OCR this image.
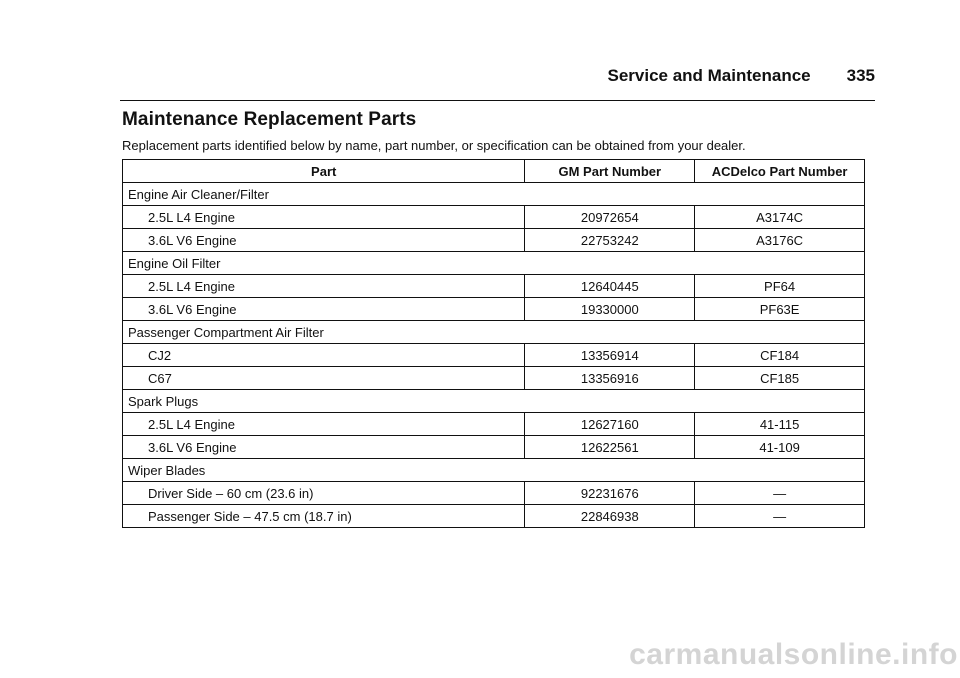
Service and Maintenance 335
Maintenance Replacement Parts

Replacement parts identified below by name, part number, or specification can be obtained from your dealer.

Part	GM Part Number	ACDelco Part Number
Engine Air Cleaner/Filter		
2.5L L4 Engine	20972654	A3174C
3.6L V6 Engine	22753242	A3176C
Engine Oil Filter		
2.5L L4 Engine	12640445	PF64
3.6L V6 Engine	19330000	PF63E
Passenger Compartment Air Filter		
CJ2	13356914	CF184
C67	13356916	CF185
Spark Plugs		
2.5L L4 Engine	12627160	41-115
3.6L V6 Engine	12622561	41-109
Wiper Blades		
Driver Side – 60 cm (23.6 in)	92231676	—
Passenger Side – 47.5 cm (18.7 in)	22846938	—
carmanualsonline.info
